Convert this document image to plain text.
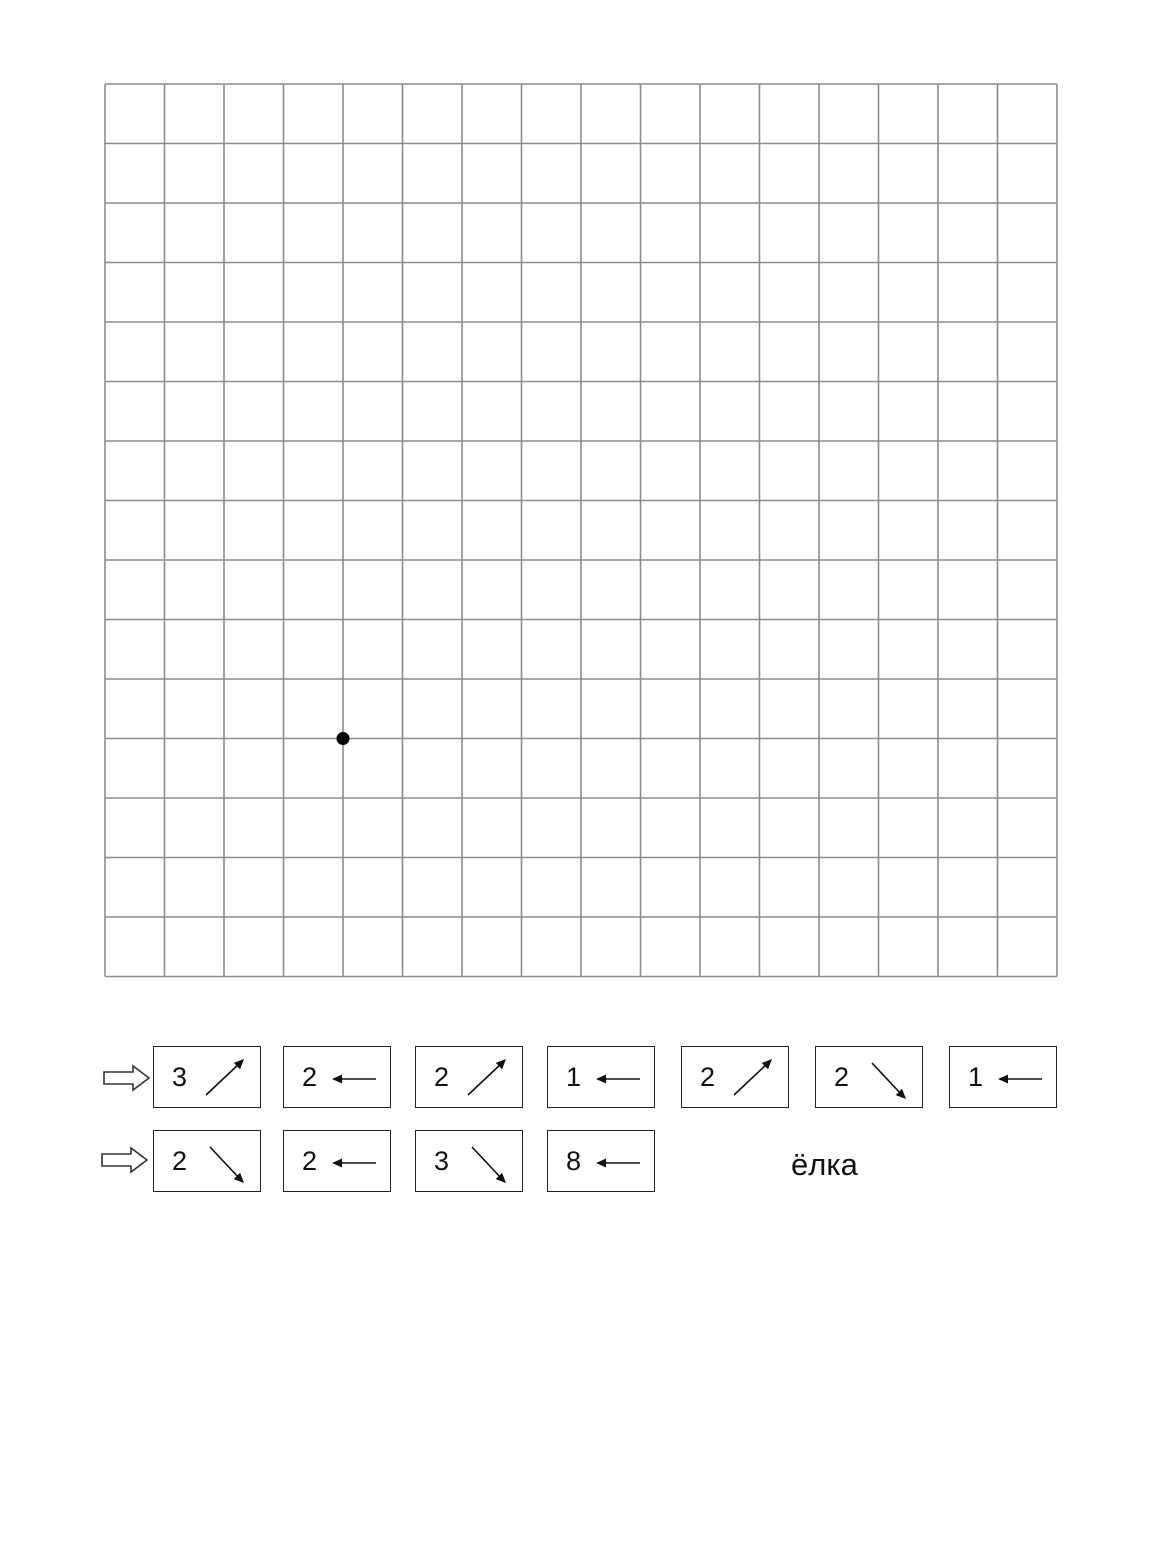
3	2	2	1	2	2	1
2	2	3	8	ёлка
